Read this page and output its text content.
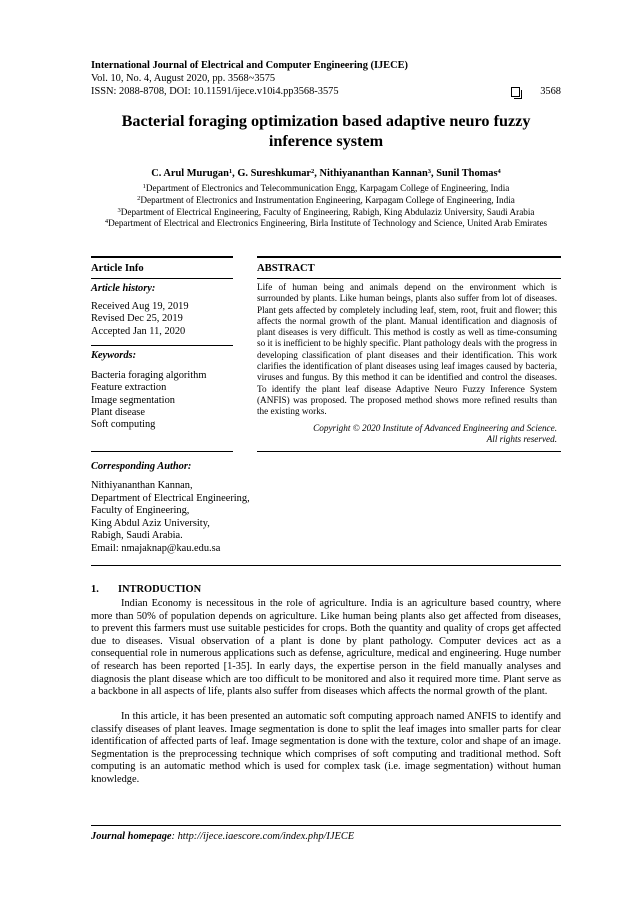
International Journal of Electrical and Computer Engineering (IJECE)
Vol. 10, No. 4, August 2020, pp. 3568~3575
ISSN: 2088-8708, DOI: 10.11591/ijece.v10i4.pp3568-3575	3568
Bacterial foraging optimization based adaptive neuro fuzzy inference system
C. Arul Murugan$^1$, G. Sureshkumar$^2$, Nithiyananthan Kannan$^3$, Sunil Thomas$^4$
$^1$Department of Electronics and Telecommunication Engg, Karpagam College of Engineering, India
$^2$Department of Electronics and Instrumentation Engineering, Karpagam College of Engineering, India
$^3$Department of Electrical Engineering, Faculty of Engineering, Rabigh, King Abdulaziz University, Saudi Arabia
$^4$Department of Electrical and Electronics Engineering, Birla Institute of Technology and Science, United Arab Emirates
Article Info
Article history:
Received Aug 19, 2019
Revised Dec 25, 2019
Accepted Jan 11, 2020
Keywords:
Bacteria foraging algorithm
Feature extraction
Image segmentation
Plant disease
Soft computing
ABSTRACT
Life of human being and animals depend on the environment which is surrounded by plants. Like human beings, plants also suffer from lot of diseases. Plant gets affected by completely including leaf, stem, root, fruit and flower; this affects the normal growth of the plant. Manual identification and diagnosis of plant diseases is very difficult. This method is costly as well as time-consuming so it is inefficient to be highly specific. Plant pathology deals with the progress in developing classification of plant diseases and their identification. This work clarifies the identification of plant diseases using leaf images caused by bacteria, viruses and fungus. By this method it can be identified and control the diseases. To identify the plant leaf disease Adaptive Neuro Fuzzy Inference System (ANFIS) was proposed. The proposed method shows more refined results than the existing works.
Copyright © 2020 Institute of Advanced Engineering and Science.
All rights reserved.
Corresponding Author:
Nithiyananthan Kannan,
Department of Electrical Engineering,
Faculty of Engineering,
King Abdul Aziz University,
Rabigh, Saudi Arabia.
Email: nmajaknap@kau.edu.sa
1. INTRODUCTION
Indian Economy is necessitous in the role of agriculture. India is an agriculture based country, where more than 50% of population depends on agriculture. Like human being plants also get affected from diseases, to prevent this farmers must use suitable pesticides for crops. Both the quantity and quality of crops get affected due to diseases. Visual observation of a plant is done by plant pathology. Computer devices act as a consequential role in numerous applications such as defense, agriculture, medical and engineering. Huge number of research has been reported [1-35]. In early days, the expertise person in the field manually analyses and diagnosis the plant disease which are too difficult to be monitored and also it required more time. Plant serve as a backbone in all aspects of life, plants also suffer from diseases which affects the normal growth of the plant.
In this article, it has been presented an automatic soft computing approach named ANFIS to identify and classify diseases of plant leaves. Image segmentation is done to split the leaf images into smaller parts for clear identification of affected parts of leaf. Image segmentation is done with the texture, color and shape of an image. Segmentation is the preprocessing technique which comprises of soft computing and traditional method. Soft computing is an automatic method which is used for complex task (i.e. image segmentation) without human knowledge.
Journal homepage: http://ijece.iaescore.com/index.php/IJECE
